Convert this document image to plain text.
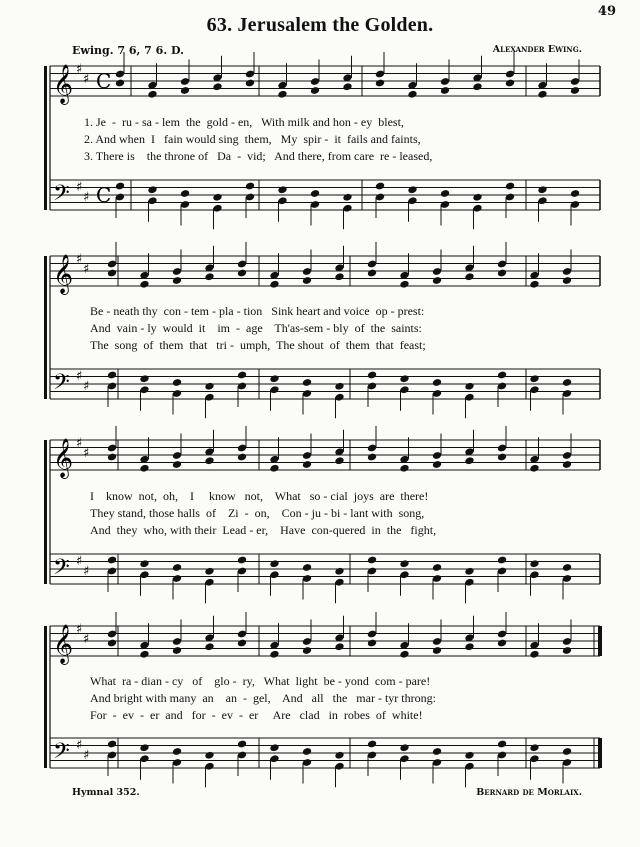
49
63. Jerusalem the Golden.
Ewing. 7 6, 7 6. D.	Alexander Ewing.
𝄞
𝄢
♯
♯
♯
♯
C
C
𝄞
𝄢
♯
♯
♯
♯
𝄞
𝄢
♯
♯
♯
♯
𝄞
𝄢
♯
♯
♯
♯
1. Je  -  ru - sa - lem  the  gold - en,   With milk and hon - ey  blest,
2. And when  I   fain would sing  them,   My  spir -  it  fails and faints,
3. There is    the throne of   Da  -  vid;   And there, from care  re - leased,
Be - neath thy  con - tem - pla - tion   Sink heart and voice  op - prest:
And  vain - ly  would  it    im  -  age    Th'as-sem - bly  of  the  saints:
The  song  of  them  that   tri -  umph,  The shout  of  them  that  feast;
I    know  not,  oh,    I     know   not,    What   so - cial  joys  are  there!
They stand, those halls  of    Zi  -  on,    Con - ju - bi - lant with  song,
And  they  who, with their  Lead - er,    Have  con-quered  in  the   fight,
What  ra - dian - cy   of    glo -  ry,   What  light  be - yond  com - pare!
And bright with many  an    an  -  gel,    And   all   the   mar - tyr throng:
For  -  ev  -  er  and   for  -  ev  -  er     Are   clad   in  robes  of  white!
Hymnal 352.	Bernard de Morlaix.
